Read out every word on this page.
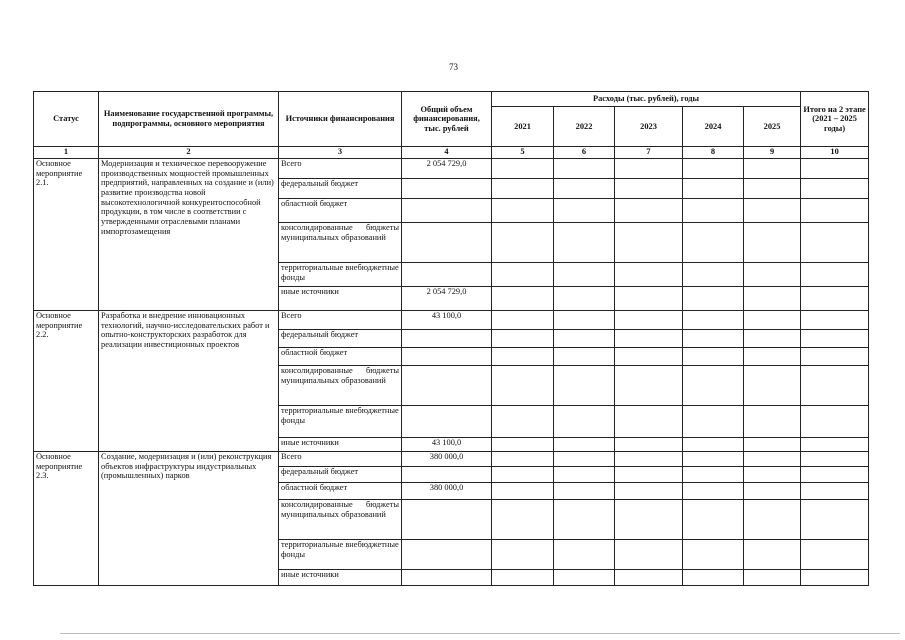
73
Статус	Наименование государственной программы, подпрограммы, основного мероприятия	Источники финансирования	Общий объем финансирования, тыс. рублей	Расходы (тыс. рублей), годы					Итого на 2 этапе (2021 – 2025 годы)
				2021	2022	2023	2024	2025	
1	2	3	4	5	6	7	8	9	10
Основное мероприятие 2.1.	Модернизация и техническое перевооружение производственных мощностей промышленных предприятий, направленных на создание и (или) развитие производства новой высокотехнологичной конкурентоспособной продукции, в том числе в соответствии с утвержденными отраслевыми планами импортозамещения	Всего	2 054 729,0						
		федеральный бюджет							
		областной бюджет							
		консолидированные бюджеты муниципальных образований							
		территориальные внебюджетные фонды							
		иные источники	2 054 729,0						
Основное мероприятие 2.2.	Разработка и внедрение инновационных технологий, научно-исследовательских работ и опытно-конструкторских разработок для реализации инвестиционных проектов	Всего	43 100,0						
		федеральный бюджет							
		областной бюджет							
		консолидированные бюджеты муниципальных образований							
		территориальные внебюджетные фонды							
		иные источники	43 100,0						
Основное мероприятие 2.3.	Создание, модернизация и (или) реконструкция объектов инфраструктуры индустриальных (промышленных) парков	Всего	380 000,0						
		федеральный бюджет							
		областной бюджет	380 000,0						
		консолидированные бюджеты муниципальных образований							
		территориальные внебюджетные фонды							
		иные источники							
